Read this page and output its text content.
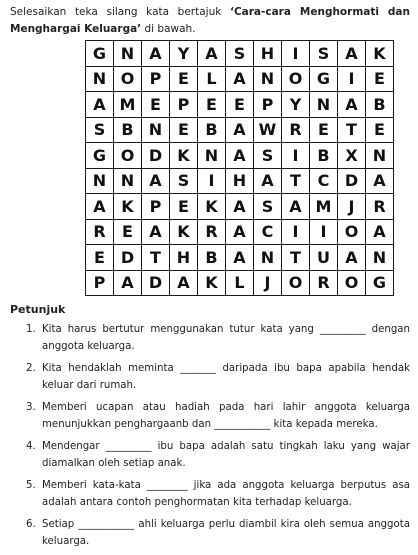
Selesaikan teka silang kata bertajuk ‘Cara-cara Menghormati dan Menghargai Keluarga’ di bawah.
G	N	A	Y	A	S	H	I	S	A	K
N	O	P	E	L	A	N	O	G	I	E
A	M	E	P	E	E	P	Y	N	A	B
S	B	N	E	B	A	W	R	E	T	E
G	O	D	K	N	A	S	I	B	X	N
N	N	A	S	I	H	A	T	C	D	A
A	K	P	E	K	A	S	A	M	J	R
R	E	A	K	R	A	C	I	I	O	A
E	D	T	H	B	A	N	T	U	A	N
P	A	D	A	K	L	J	O	R	O	G
Petunjuk
1. Kita harus bertutur menggunakan tutur kata yang _________ dengan anggota keluarga.
2. Kita hendaklah meminta _______ daripada ibu bapa apabila hendak keluar dari rumah.
3. Memberi ucapan atau hadiah pada hari lahir anggota keluarga menunjukkan penghargaanb dan ___________ kita kepada mereka.
4. Mendengar _________ ibu bapa adalah satu tingkah laku yang wajar diamalkan oleh setiap anak.
5. Memberi kata-kata ________ jika ada anggota keluarga berputus asa adalah antara contoh penghormatan kita terhadap keluarga.
6. Setiap ___________ ahli keluarga perlu diambil kira oleh semua anggota keluarga.
